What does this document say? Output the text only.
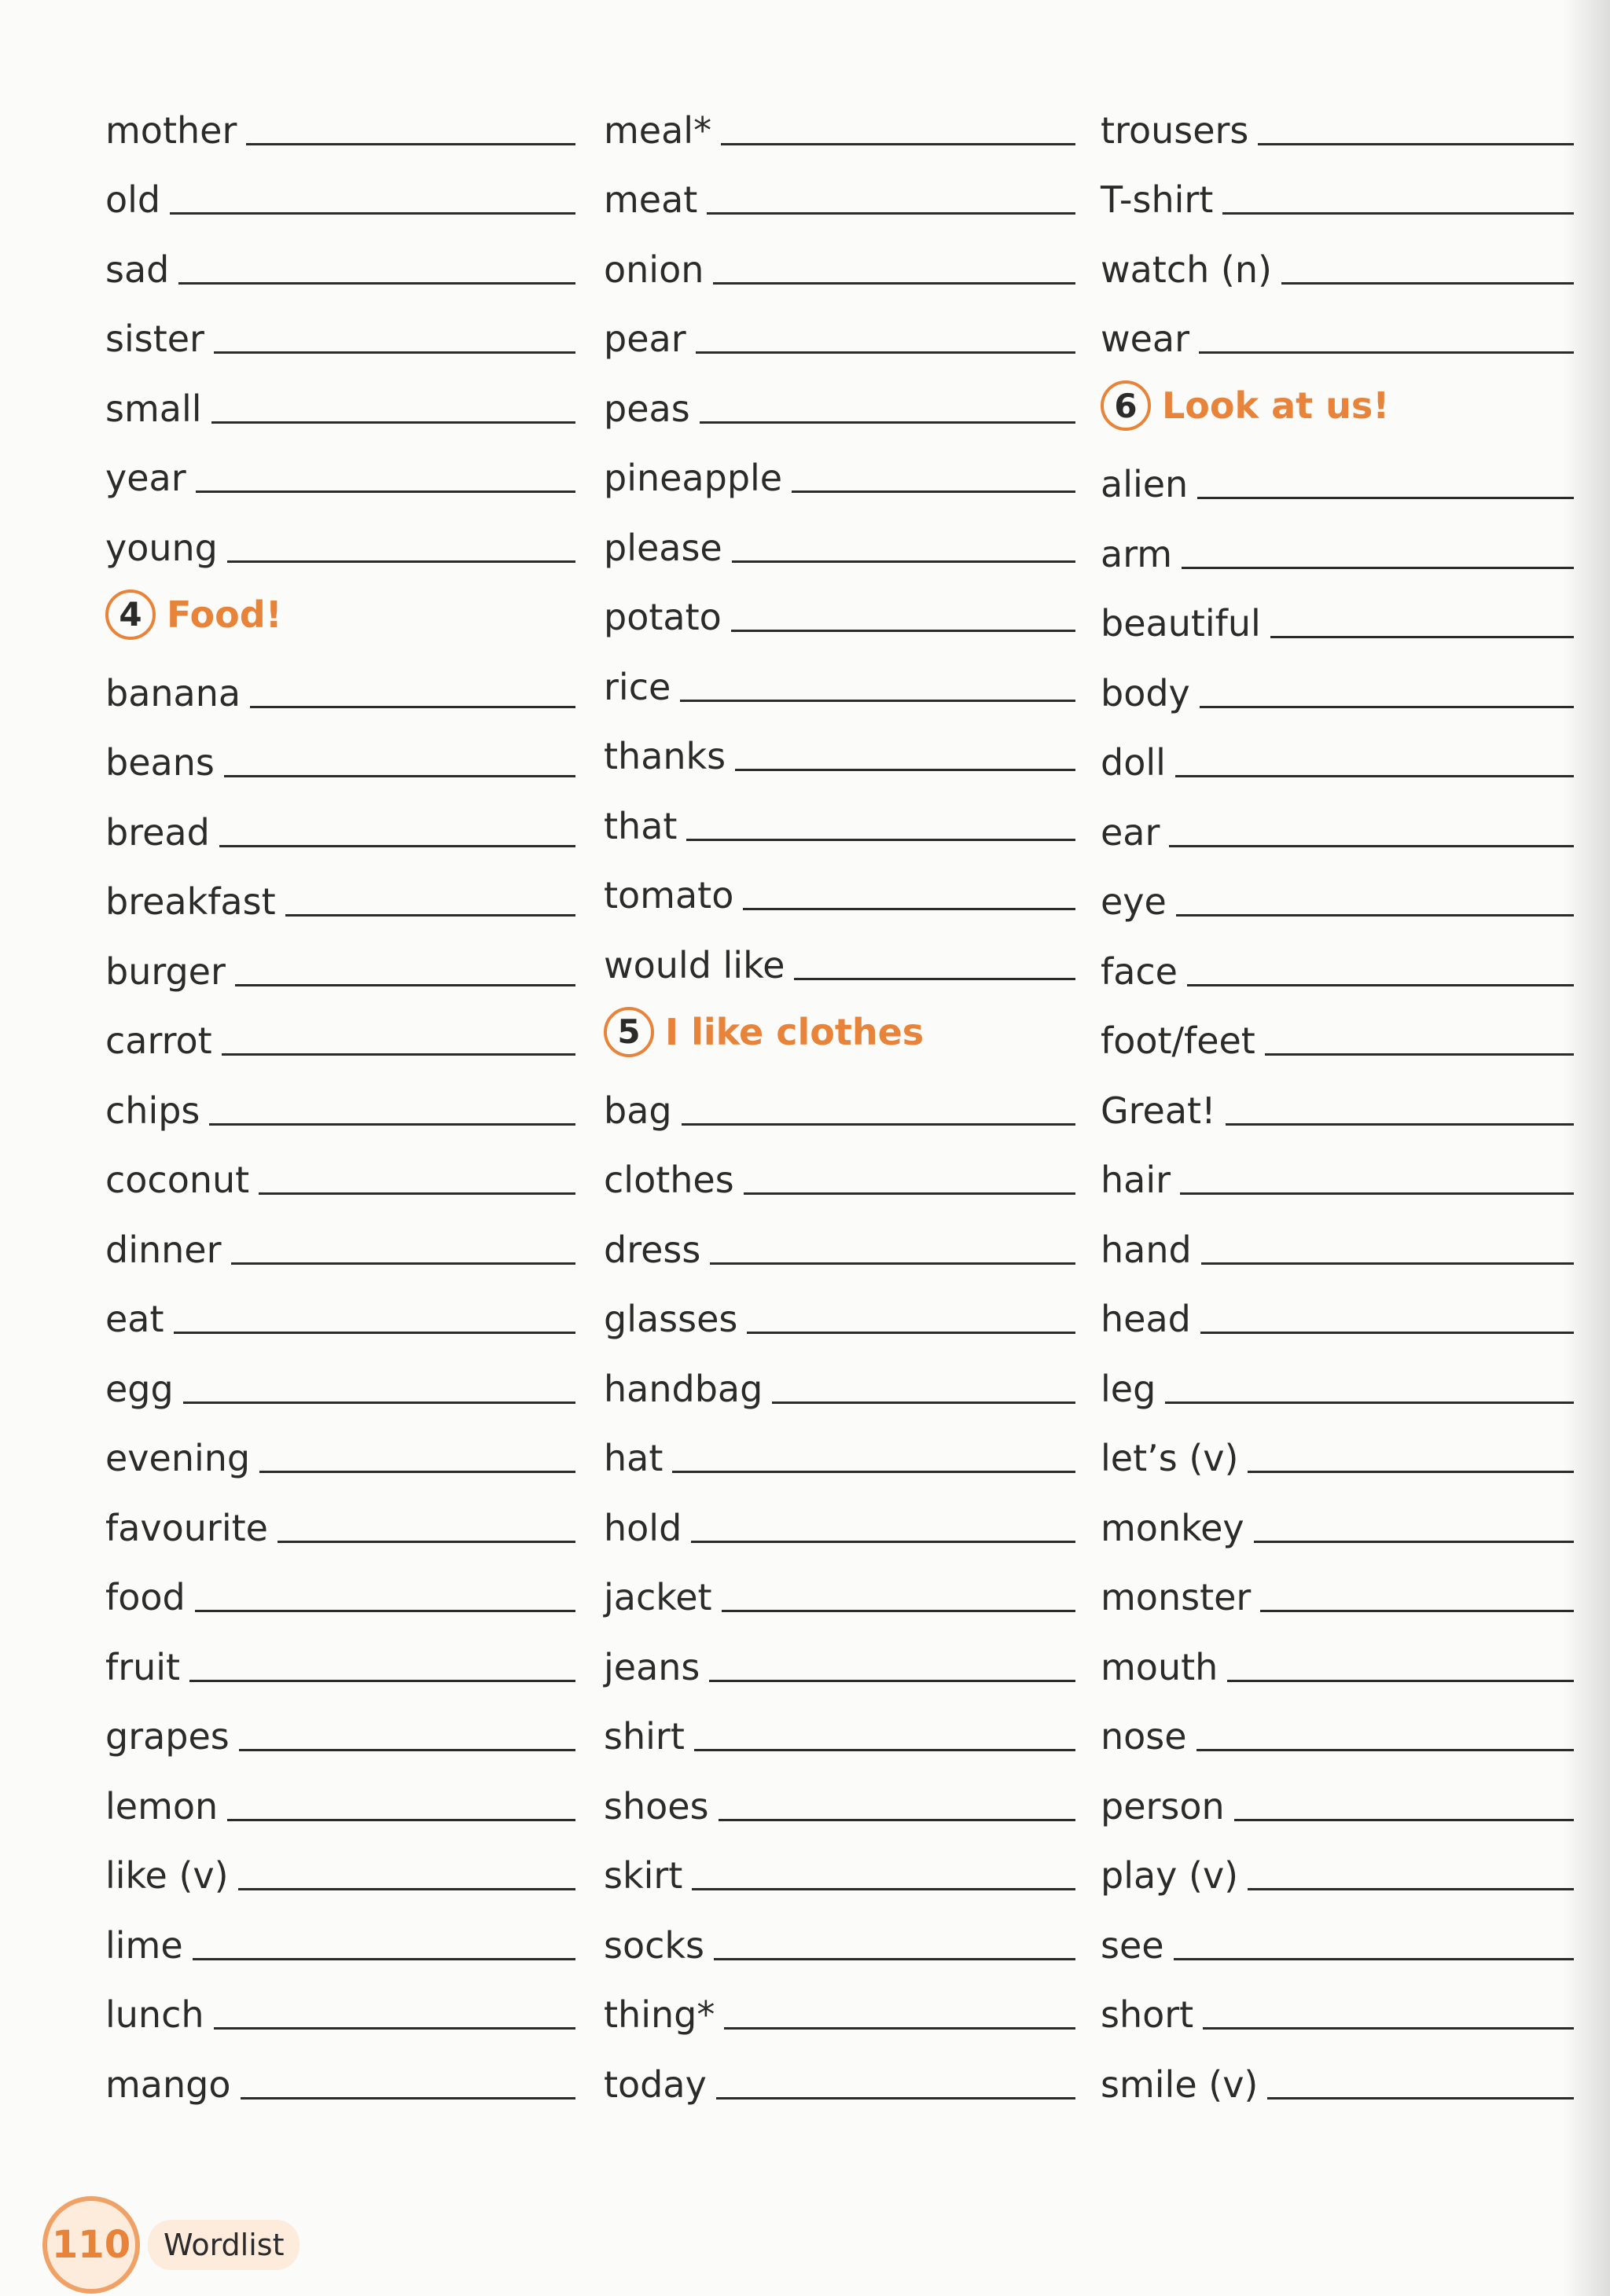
mother
old
sad
sister
small
year
young
4 Food!
banana
beans
bread
breakfast
burger
carrot
chips
coconut
dinner
eat
egg
evening
favourite
food
fruit
grapes
lemon
like (v)
lime
lunch
mango
meal*
meat
onion
pear
peas
pineapple
please
potato
rice
thanks
that
tomato
would like
5 I like clothes
bag
clothes
dress
glasses
handbag
hat
hold
jacket
jeans
shirt
shoes
skirt
socks
thing*
today
trousers
T-shirt
watch (n)
wear
6 Look at us!
alien
arm
beautiful
body
doll
ear
eye
face
foot/feet
Great!
hair
hand
head
leg
let’s (v)
monkey
monster
mouth
nose
person
play (v)
see
short
smile (v)
110	Wordlist
